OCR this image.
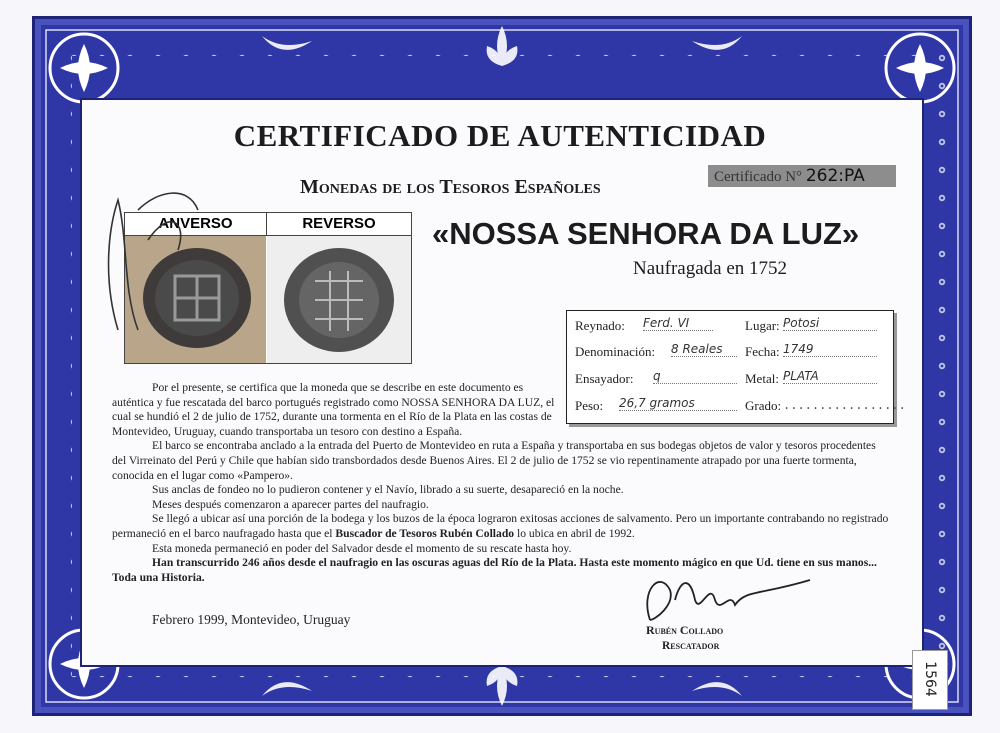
CERTIFICADO DE AUTENTICIDAD
Monedas de los Tesoros Españoles	Certificado N° 262:PA
«NOSSA SENHORA DA LUZ»
Naufragada en 1752
ANVERSO	REVERSO
Reynado: Ferd. VI	Lugar: Potosi
Denominación: 8 Reales	Fecha: 1749
Ensayador: q	Metal: PLATA
Peso: 26,7 gramos	Grado: .................

Por el presente, se certifica que la moneda que se describe en este documento es auténtica y fue rescatada del barco portugués registrado como NOSSA SENHORA DA LUZ, el cual se hundió el 2 de julio de 1752, durante una tormenta en el Río de la Plata en las costas de Montevideo, Uruguay, cuando transportaba un tesoro con destino a España.

El barco se encontraba anclado a la entrada del Puerto de Montevideo en ruta a España y transportaba en sus bodegas objetos de valor y tesoros procedentes del Virreinato del Perú y Chile que habían sido transbordados desde Buenos Aires. El 2 de julio de 1752 se vio repentinamente atrapado por una fuerte tormenta, conocida en el lugar como «Pampero».

Sus anclas de fondeo no lo pudieron contener y el Navío, librado a su suerte, desapareció en la noche.

Meses después comenzaron a aparecer partes del naufragio.

Se llegó a ubicar así una porción de la bodega y los buzos de la época lograron exitosas acciones de salvamento. Pero un importante contrabando no registrado permaneció en el barco naufragado hasta que el Buscador de Tesoros Rubén Collado lo ubica en abril de 1992.

Esta moneda permaneció en poder del Salvador desde el momento de su rescate hasta hoy.

Han transcurrido 246 años desde el naufragio en las oscuras aguas del Río de la Plata. Hasta este momento mágico en que Ud. tiene en sus manos... Toda una Historia.

Febrero 1999, Montevideo, Uruguay
Rubén Collado
Rescatador
1564
